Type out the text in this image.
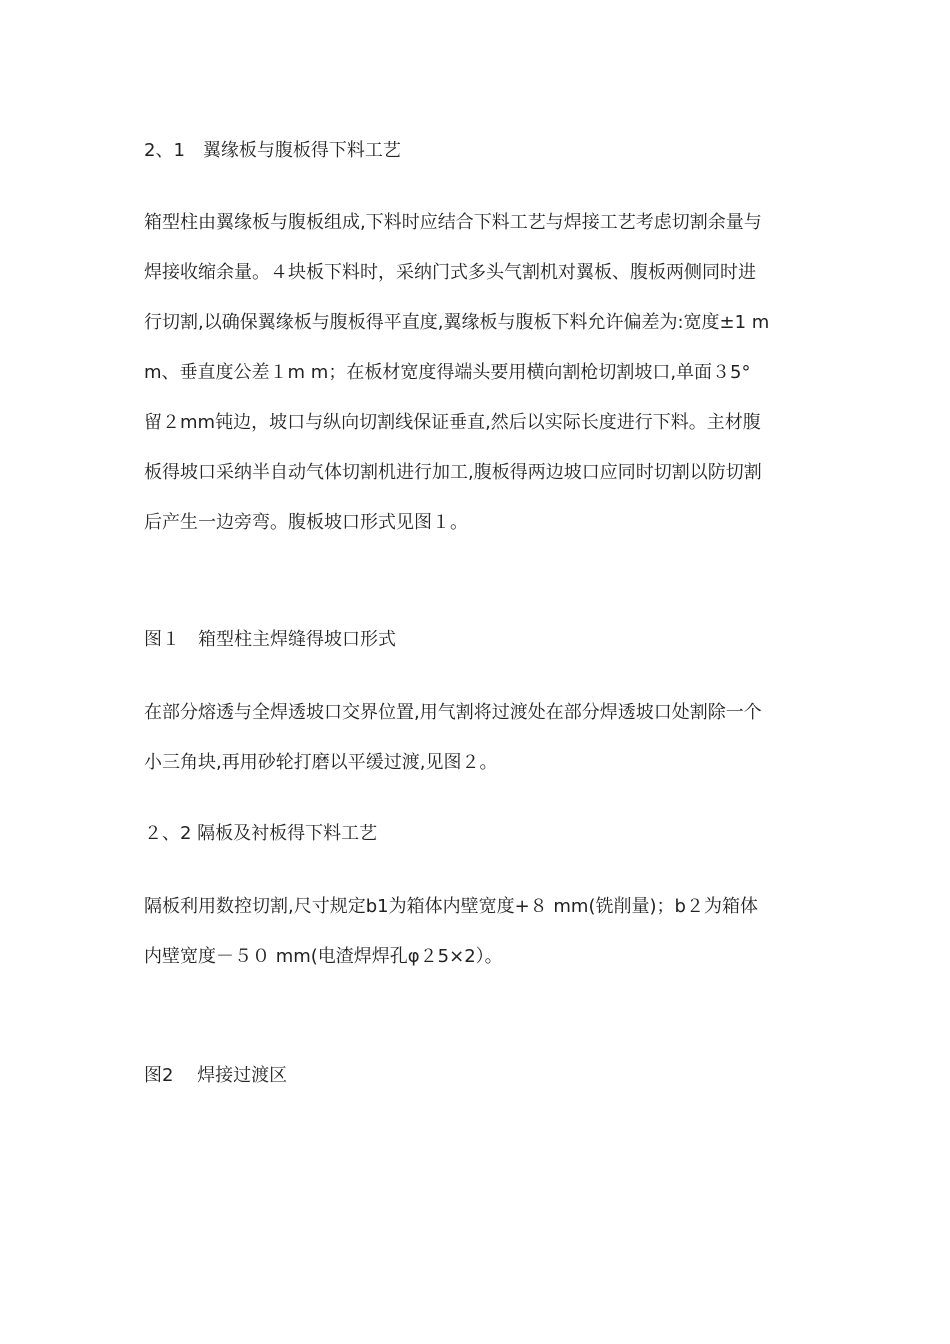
2、1　翼缘板与腹板得下料工艺
箱型柱由翼缘板与腹板组成,下料时应结合下料工艺与焊接工艺考虑切割余量与
焊接收缩余量。４块板下料时，采纳门式多头气割机对翼板、腹板两侧同时进
行切割,以确保翼缘板与腹板得平直度,翼缘板与腹板下料允许偏差为:宽度±1 m
m、垂直度公差１m m；在板材宽度得端头要用横向割枪切割坡口,单面３5°
留２mm钝边，坡口与纵向切割线保证垂直,然后以实际长度进行下料。主材腹
板得坡口采纳半自动气体切割机进行加工,腹板得两边坡口应同时切割以防切割
后产生一边旁弯。腹板坡口形式见图１。
图１　箱型柱主焊缝得坡口形式
在部分熔透与全焊透坡口交界位置,用气割将过渡处在部分焊透坡口处割除一个
小三角块,再用砂轮打磨以平缓过渡,见图２。
２、2 隔板及衬板得下料工艺
隔板利用数控切割,尺寸规定b1为箱体内壁宽度+８ mm(铣削量)；b２为箱体
内壁宽度－５０ mm(电渣焊焊孔φ２5×2）。
图2　 焊接过渡区
